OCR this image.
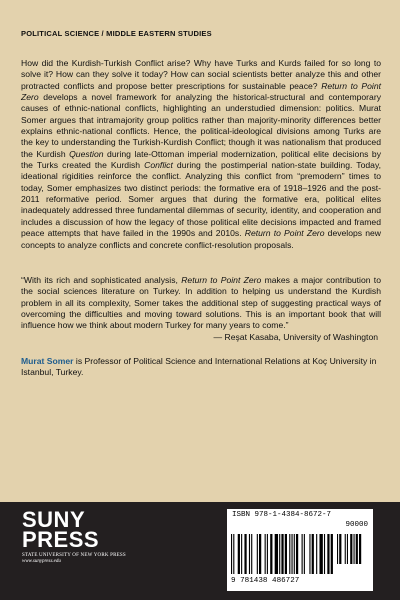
POLITICAL SCIENCE / MIDDLE EASTERN STUDIES

How did the Kurdish-Turkish Conflict arise? Why have Turks and Kurds failed for so long to solve it? How can they solve it today? How can social scientists better analyze this and other protracted conflicts and propose better prescriptions for sustainable peace? Return to Point Zero develops a novel framework for analyzing the historical-structural and contemporary causes of ethnic-national conflicts, highlighting an understudied dimension: politics. Murat Somer argues that intramajority group politics rather than majority-minority differences better explains ethnic-national conflicts. Hence, the political-ideological divisions among Turks are the key to understanding the Turkish-Kurdish Conflict; though it was nationalism that produced the Kurdish Question during late-Ottoman imperial modernization, political elite decisions by the Turks created the Kurdish Conflict during the postimperial nation-state building. Today, ideational rigidities reinforce the conflict. Analyzing this conflict from “premodern” times to today, Somer emphasizes two distinct periods: the formative era of 1918–1926 and the post-2011 reformative period. Somer argues that during the formative era, political elites inadequately addressed three fundamental dilemmas of security, identity, and cooperation and includes a discussion of how the legacy of those political elite decisions impacted and framed peace attempts that have failed in the 1990s and 2010s. Return to Point Zero develops new concepts to analyze conflicts and concrete conflict-resolution proposals.

“With its rich and sophisticated analysis, Return to Point Zero makes a major contribution to the social sciences literature on Turkey. In addition to helping us understand the Kurdish problem in all its complexity, Somer takes the additional step of suggesting practical ways of overcoming the difficulties and moving toward solutions. This is an important book that will influence how we think about modern Turkey for many years to come.”

— Reşat Kasaba, University of Washington

Murat Somer is Professor of Political Science and International Relations at Koç University in Istanbul, Turkey.

SUNY
PRESS
STATE UNIVERSITY OF NEW YORK PRESS
www.sunypress.edu
ISBN 978-1-4384-8672-7
90000
9 781438 486727
